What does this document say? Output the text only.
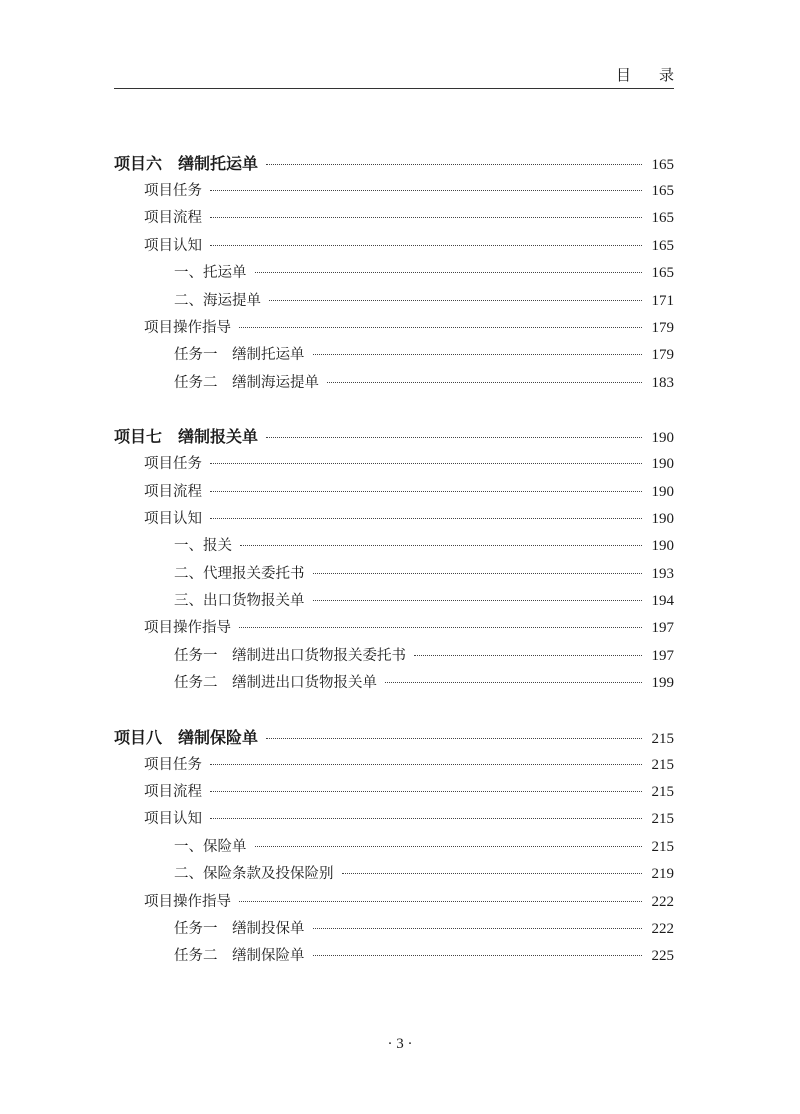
目录
项目六　缮制托运单	165
项目任务	165
项目流程	165
项目认知	165
一、托运单	165
二、海运提单	171
项目操作指导	179
任务一　缮制托运单	179
任务二　缮制海运提单	183
项目七　缮制报关单	190
项目任务	190
项目流程	190
项目认知	190
一、报关	190
二、代理报关委托书	193
三、出口货物报关单	194
项目操作指导	197
任务一　缮制进出口货物报关委托书	197
任务二　缮制进出口货物报关单	199
项目八　缮制保险单	215
项目任务	215
项目流程	215
项目认知	215
一、保险单	215
二、保险条款及投保险别	219
项目操作指导	222
任务一　缮制投保单	222
任务二　缮制保险单	225
· 3 ·
